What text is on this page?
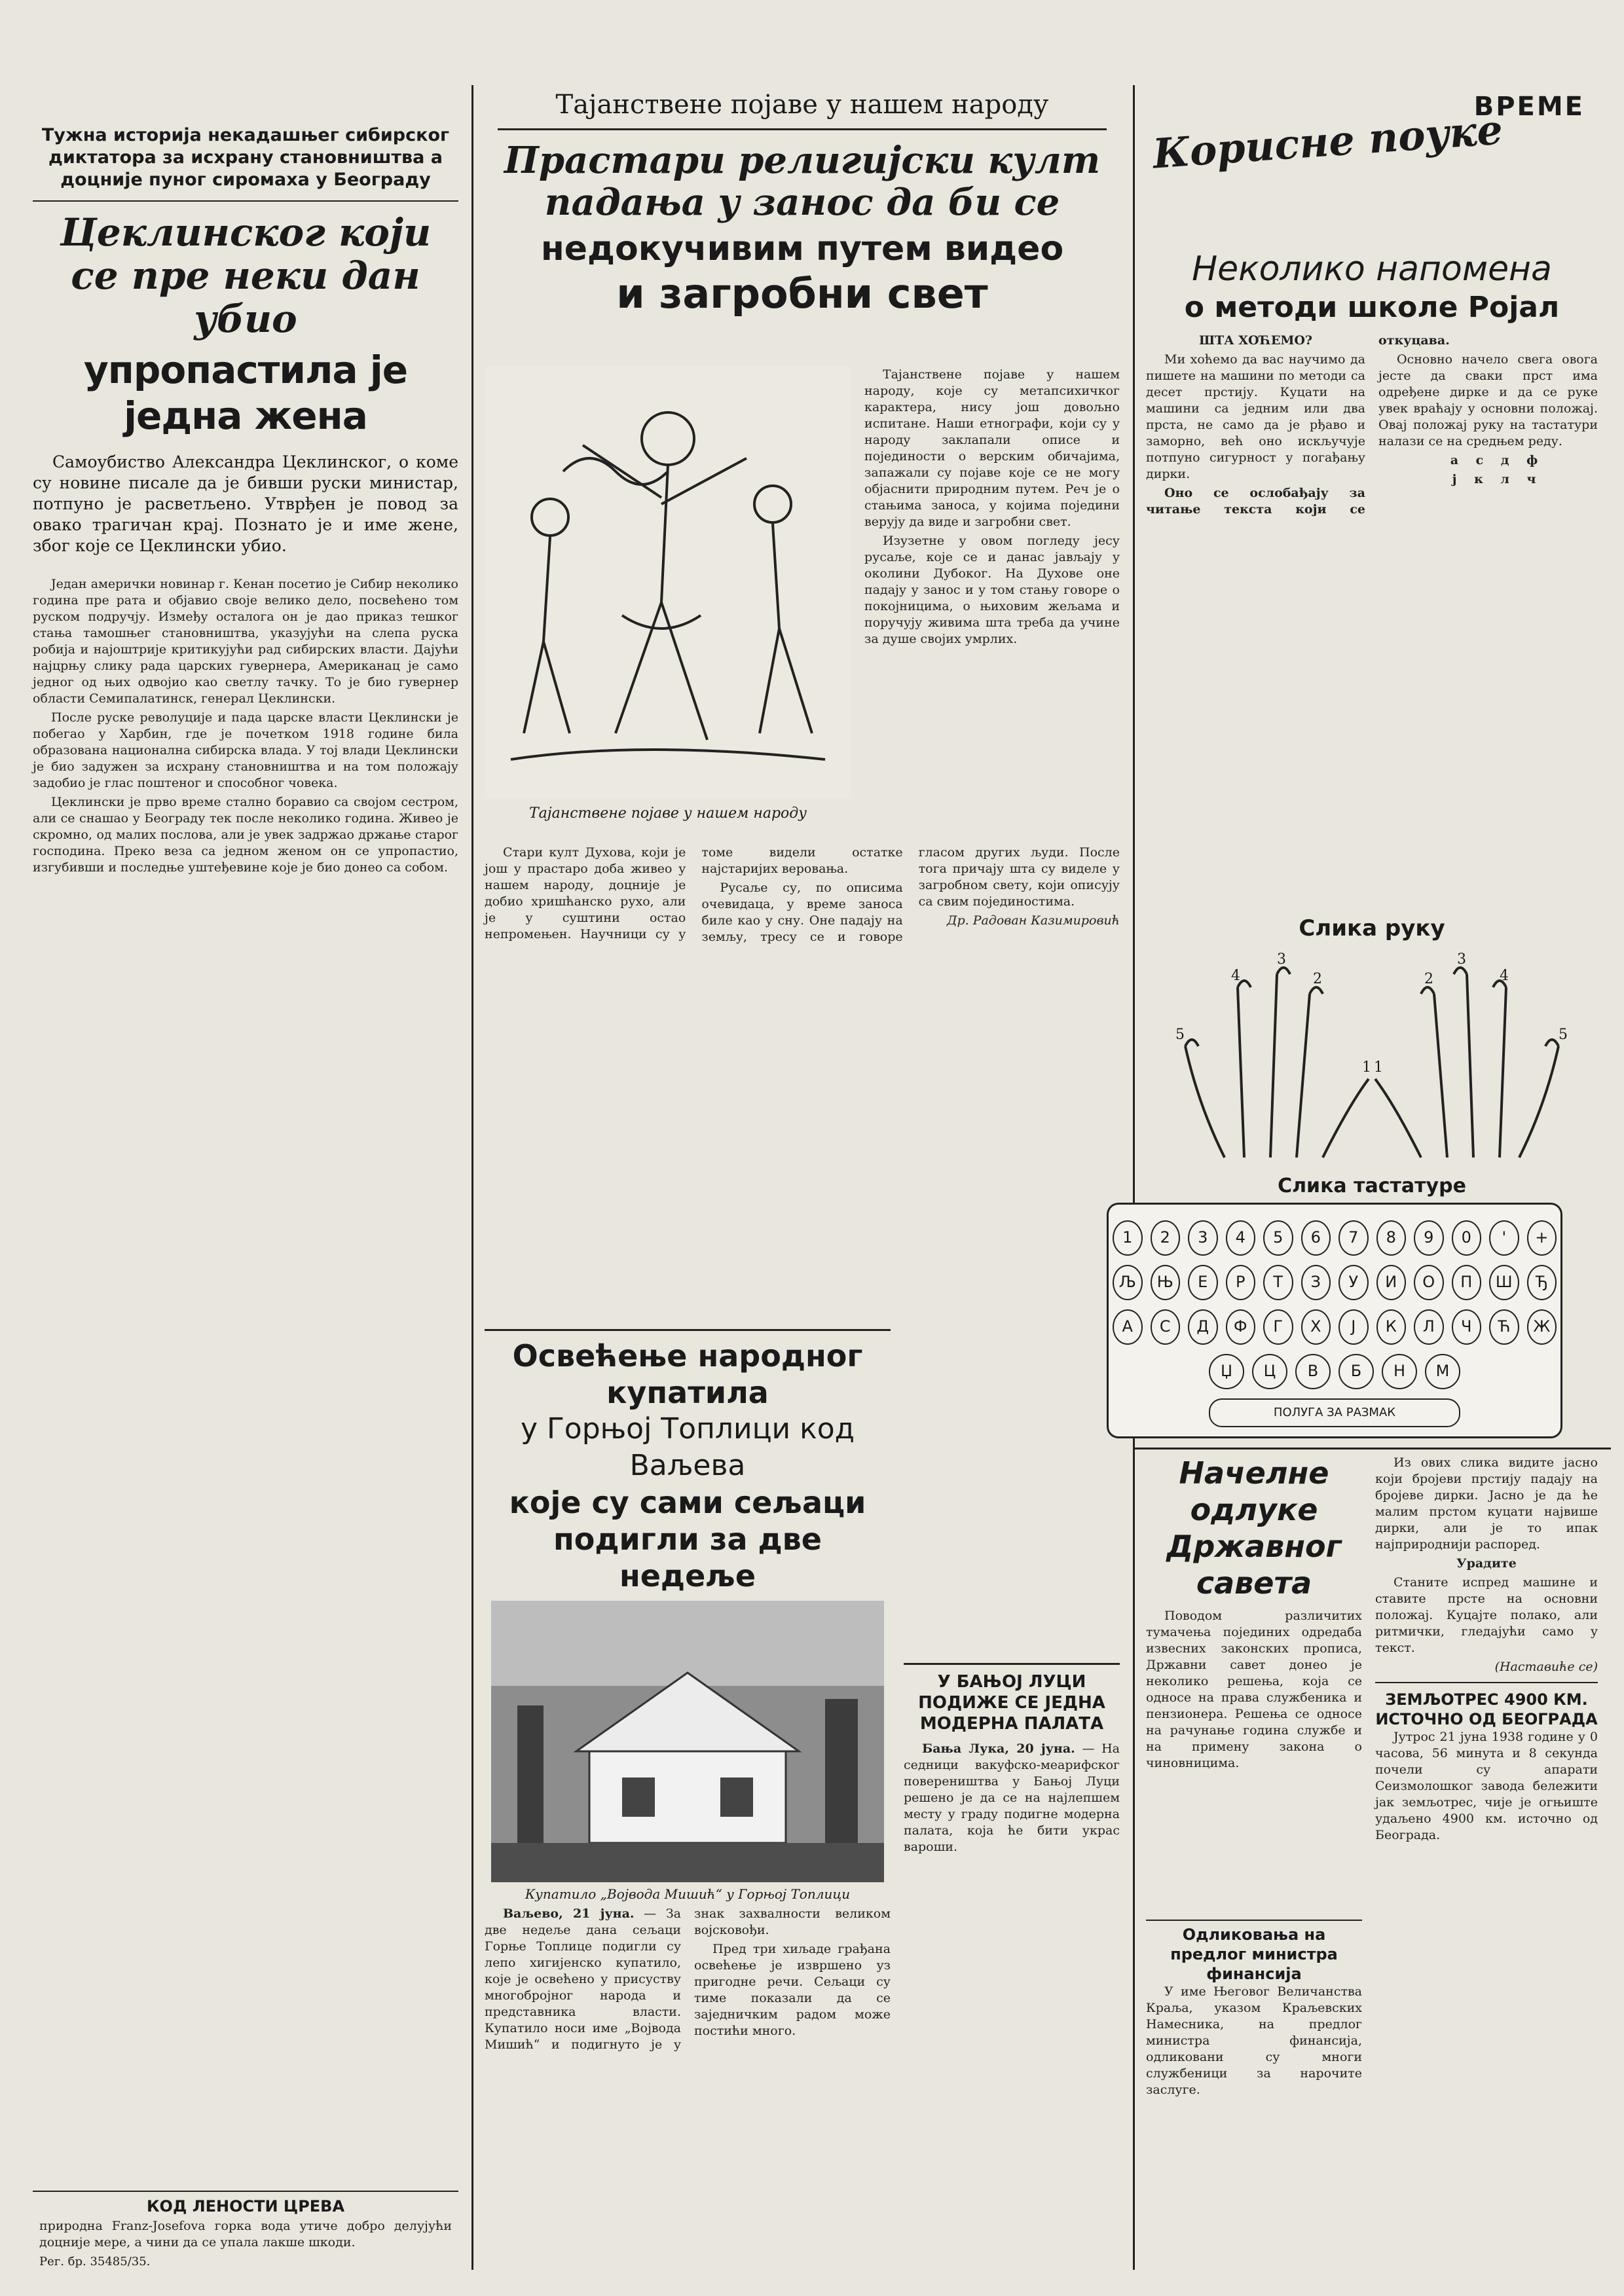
Тужна историја некадашњег сибирског диктатора за исхрану становништва а доцније пуног сиромаха у Београду
Цеклинског који се пре неки дан убио
упропастила је једна жена
Самоубиство Александра Цеклинског, о коме су новине писале да је бивши руски министар, потпуно је расветљено. Утврђен је повод за овако трагичан крај. Познато је и име жене, због које се Цеклински убио.

Један амерички новинар г. Кенан посетио је Сибир неколико година пре рата и објавио своје велико дело, посвећено том руском подручју. Између осталога он је дао приказ тешког стања тамошњег становништва, указујући на слепа руска робија и најоштрије критикујући рад сибирских власти. Дајући најцрњу слику рада царских гувернера, Американац је само једног од њих одвојио као светлу тачку. То је био гувернер области Семипалатинск, генерал Цеклински.

После руске револуције и пада царске власти Цеклински је побегао у Харбин, где је почетком 1918 године била образована национална сибирска влада. У тој влади Цеклински је био задужен за исхрану становништва и на том положају задобио је глас поштеног и способног човека.

Цеклински је прво време стално боравио са својом сестром, али се снашао у Београду тек после неколико година. Живео је скромно, од малих послова, али је увек задржао држање старог господина. Преко веза са једном женом он се упропастио, изгубивши и последње уштеђевине које је био донео са собом.

КОД ЛЕНОСТИ ЦРЕВА
природна Franz-Josefova горка вода утиче добро делујући доцније мере, а чини да се упала лакше шкоди.
Рег. бр. 35485/35.
Тајанствене појаве у нашем народу
Прастари религијски култ падања у занос да би се
недокучивим путем видео
и загробни свет
Тајанствене појаве у нашем народу

Тајанствене појаве у нашем народу, које су метапсихичког карактера, нису још довољно испитане. Наши етнографи, који су у народу заклапали описе и појединости о верским обичајима, запажали су појаве које се не могу објаснити природним путем. Реч је о стањима заноса, у којима поједини верују да виде и загробни свет.

Изузетне у овом погледу јесу русаље, које се и данас јављају у околини Дубоког. На Духове оне падају у занос и у том стању говоре о покојницима, о њиховим жељама и поручују живима шта треба да учине за душе својих умрлих.

Стари култ Духова, који је још у прастаро доба живео у нашем народу, доцније је добио хришћанско рухо, али је у суштини остао непромењен. Научници су у томе видели остатке најстаријих веровања.

Русаље су, по описима очевидаца, у време заноса биле као у сну. Оне падају на земљу, тресу се и говоре гласом других људи. После тога причају шта су виделе у загробном свету, који описују са свим појединостима.

Др. Радован Казимировић

Освећење народног купатила
у Горњој Топлици код Ваљева
које су сами сељаци подигли за две недеље
Купатило „Војвода Мишић“ у Горњој Топлици

Ваљево, 21 јуна. — За две недеље дана сељаци Горње Топлице подигли су лепо хигијенско купатило, које је освећено у присуству многобројног народа и представника власти. Купатило носи име „Војвода Мишић“ и подигнуто је у знак захвалности великом војсковођи.

Пред три хиљаде грађана освећење је извршено уз пригодне речи. Сељаци су тиме показали да се заједничким радом може постићи много.

У БАЊОЈ ЛУЦИ ПОДИЖЕ СЕ ЈЕДНА МОДЕРНА ПАЛАТА

Бања Лука, 20 јуна. — На седници вакуфско-меарифског повереништва у Бањој Луци решено је да се на најлепшем месту у граду подигне модерна палата, која ће бити украс вароши.

ВРЕМЕ
Корисне поуке
Неколико напомена
о методи школе Ројал

ШТА ХОЋЕМО?

Ми хоћемо да вас научимо да пишете на машини по методи са десет прстију. Куцати на машини са једним или два прста, не само да је рђаво и заморно, већ оно искључује потпуно сигурност у погађању дирки.

Оно се ослобађају за читање текста који се откуцава.

Основно начело свега овога јесте да сваки прст има одређене дирке и да се руке увек враћају у основни положај. Овај положај руку на тастатури налази се на средњем реду.

а с д ф

ј к л ч

Слика руку
5
4
3
2
1 1
2
3
4
5
Слика тастатуре
1	2	3	4	5	6	7	8	9	0	'	+
Љ	Њ	Е	Р	Т	З	У	И	О	П	Ш	Ђ
А	С	Д	Ф	Г	Х	Ј	К	Л	Ч	Ћ	Ж
Џ	Ц	В	Б	Н	М
ПОЛУГА ЗА РАЗМАК
Начелне одлуке
Државног савета

Поводом различитих тумачења појединих одредаба извесних законских прописа, Државни савет донео је неколико решења, која се односе на права службеника и пензионера. Решења се односе на рачунање година службе и на примену закона о чиновницима.

Одликовања на предлог министра финансија

У име Његовог Величанства Краља, указом Краљевских Намесника, на предлог министра финансија, одликовани су многи службеници за нарочите заслуге.

Из ових слика видите јасно који бројеви прстију падају на бројеве дирки. Јасно је да ће малим прстом куцати највише дирки, али је то ипак најприроднији распоред.

Урадите

Станите испред машине и ставите прсте на основни положај. Куцајте полако, али ритмички, гледајући само у текст.

(Наставиће се)

ЗЕМЉОТРЕС 4900 КМ. ИСТОЧНО ОД БЕОГРАДА

Јутрос 21 јуна 1938 године у 0 часова, 56 минута и 8 секунда почели су апарати Сеизмолошког завода бележити јак земљотрес, чије је огњиште удаљено 4900 км. источно од Београда.
